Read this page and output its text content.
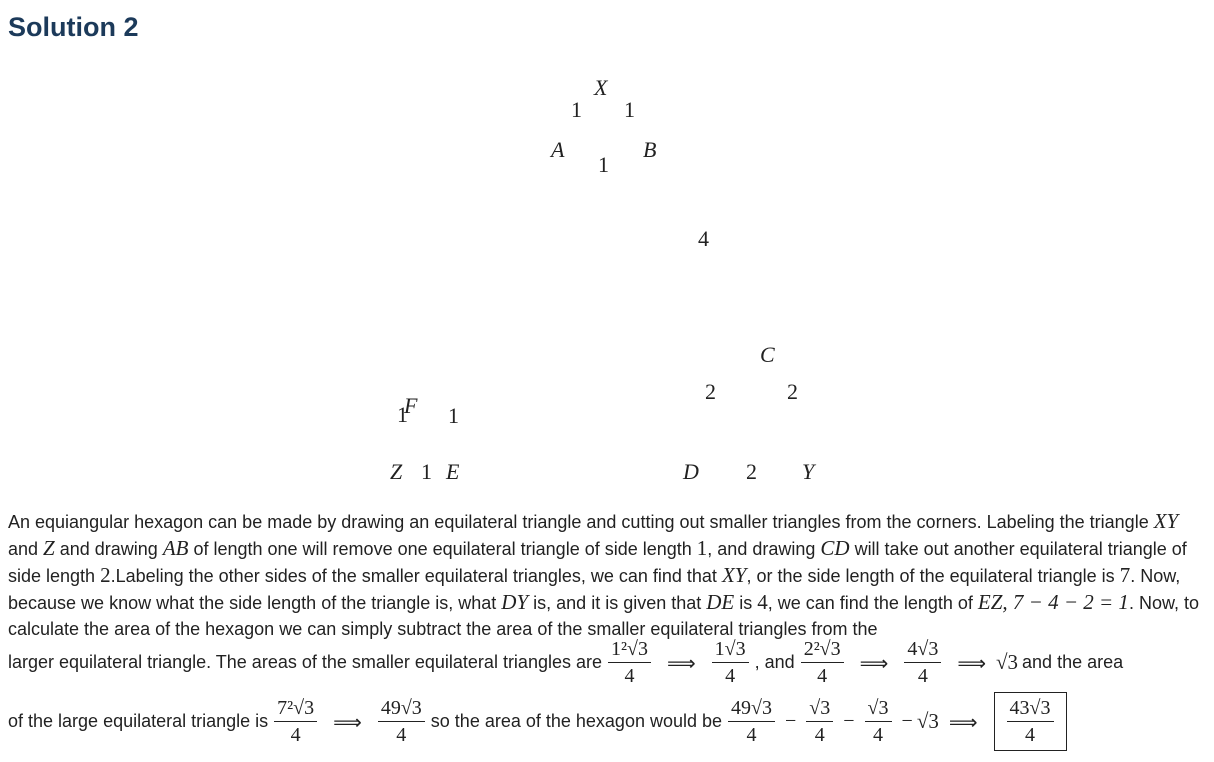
Solution 2
X
1 1
A	B
1
4
C
2	2
D 2 Y
F
1 1
Z 1 E

An equiangular hexagon can be made by drawing an equilateral triangle and cutting out smaller triangles from the corners. Labeling the triangle XY and Z and drawing AB of length one will remove one equilateral triangle of side length 1, and drawing CD will take out another equilateral triangle of side length 2.Labeling the other sides of the smaller equilateral triangles, we can find that XY, or the side length of the equilateral triangle is 7. Now, because we know what the side length of the triangle is, what DY is, and it is given that DE is 4, we can find the length of EZ, 7 − 4 − 2 = 1. Now, to calculate the area of the hexagon we can simply subtract the area of the smaller equilateral triangles from the

larger equilateral triangle. The areas of the smaller equilateral triangles are $\frac{\text{1²√3}}{4}$ ⟹ $\frac{1√3}{4}$ , and $\frac{\text{2²√3}}{4}$ ⟹ $\frac{4√3}{4}$ ⟹ √3 and the area
of the large equilateral triangle is $\frac{\text{7²√3}}{4}$ ⟹ $\frac{49√3}{4}$ so the area of the hexagon would be $\frac{49√3}{4} - \frac{√3}{4} - \frac{√3}{4} - √3$ ⟹ $\frac{43√3}{4}$
